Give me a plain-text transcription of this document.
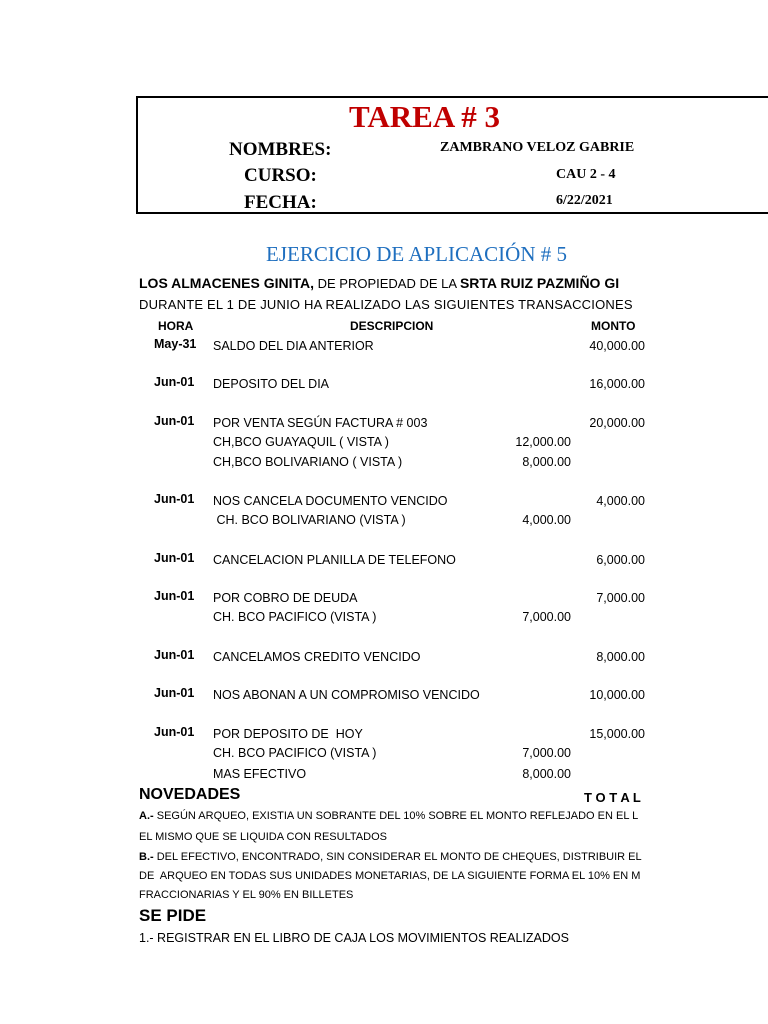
TAREA # 3
NOMBRES:	ZAMBRANO VELOZ GABRIE
CURSO:	CAU 2 - 4
FECHA:	6/22/2021
EJERCICIO DE APLICACIÓN # 5
LOS ALMACENES GINITA, DE PROPIEDAD DE LA SRTA RUIZ PAZMIÑO GI
DURANTE EL 1 DE JUNIO HA REALIZADO LAS SIGUIENTES TRANSACCIONES
HORA	DESCRIPCION	MONTO
May-31 SALDO DEL DIA ANTERIOR	40,000.00
Jun-01 DEPOSITO DEL DIA	16,000.00
Jun-01 POR VENTA SEGÚN FACTURA # 003	20,000.00
CH,BCO GUAYAQUIL ( VISTA )	12,000.00
CH,BCO BOLIVARIANO ( VISTA )	8,000.00
Jun-01 NOS CANCELA DOCUMENTO VENCIDO	4,000.00
CH. BCO BOLIVARIANO (VISTA )	4,000.00
Jun-01 CANCELACION PLANILLA DE TELEFONO	6,000.00
Jun-01 POR COBRO DE DEUDA	7,000.00
CH. BCO PACIFICO (VISTA )	7,000.00
Jun-01 CANCELAMOS CREDITO VENCIDO	8,000.00
Jun-01 NOS ABONAN A UN COMPROMISO VENCIDO	10,000.00
Jun-01 POR DEPOSITO DE  HOY	15,000.00
CH. BCO PACIFICO (VISTA )	7,000.00
MAS EFECTIVO	8,000.00
NOVEDADES	T O T A L
A.- SEGÚN ARQUEO, EXISTIA UN SOBRANTE DEL 10% SOBRE EL MONTO REFLEJADO EN EL L
EL MISMO QUE SE LIQUIDA CON RESULTADOS
B.- DEL EFECTIVO, ENCONTRADO, SIN CONSIDERAR EL MONTO DE CHEQUES, DISTRIBUIR EL
DE  ARQUEO EN TODAS SUS UNIDADES MONETARIAS, DE LA SIGUIENTE FORMA EL 10% EN M
FRACCIONARIAS Y EL 90% EN BILLETES
SE PIDE
1.- REGISTRAR EN EL LIBRO DE CAJA LOS MOVIMIENTOS REALIZADOS
